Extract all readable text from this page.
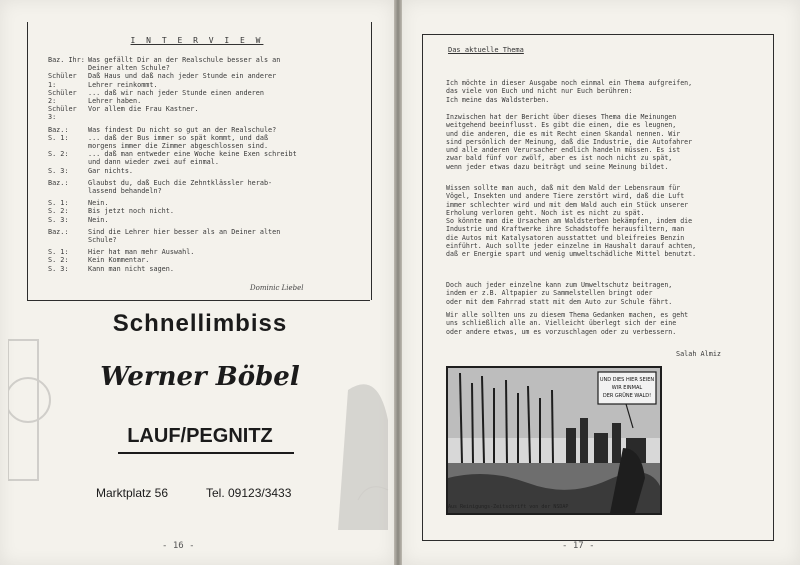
I N T E R V I E W
Baz. Ihr: Was gefällt Dir an der Realschule besser als an
Deiner alten Schule?
Schüler 1:
Daß Haus und daß nach jeder Stunde ein anderer
Lehrer reinkommt.
Schüler 2:
... daß wir nach jeder Stunde einen anderen
Lehrer haben.
Schüler 3:
Vor allem die Frau Kastner.
Baz.:	Was findest Du nicht so gut an der Realschule?
S. 1:	... daß der Bus immer so spät kommt, und daß
morgens immer die Zimmer abgeschlossen sind.
S. 2:	... daß man entweder eine Woche keine Exen schreibt
und dann wieder zwei auf einmal.
S. 3:	Gar nichts.
Baz.:	Glaubst du, daß Euch die Zehntklässler herab-
lassend behandeln?
S. 1:	Nein.
S. 2:	Bis jetzt noch nicht.
S. 3:	Nein.
Baz.:	Sind die Lehrer hier besser als an Deiner alten
Schule?
S. 1:	Hier hat man mehr Auswahl.
S. 2:	Kein Kommentar.
S. 3:	Kann man nicht sagen.
Dominic Liebel
Schnellimbiss
Werner Böbel
LAUF/PEGNITZ
Marktplatz 56	Tel. 09123/3433
- 16 -
Das aktuelle Thema
Ich möchte in dieser Ausgabe noch einmal ein Thema aufgreifen,
das viele von Euch und nicht nur Euch berühren:
Ich meine das Waldsterben.
Inzwischen hat der Bericht über dieses Thema die Meinungen
weitgehend beeinflusst. Es gibt die einen, die es leugnen,
und die anderen, die es mit Recht einen Skandal nennen. Wir
sind persönlich der Meinung, daß die Industrie, die Autofahrer
und alle anderen Verursacher endlich handeln müssen. Es ist
zwar bald fünf vor zwölf, aber es ist noch nicht zu spät,
wenn jeder etwas dazu beiträgt und seine Meinung bildet.
Wissen sollte man auch, daß mit dem Wald der Lebensraum für
Vögel, Insekten und andere Tiere zerstört wird, daß die Luft
immer schlechter wird und mit dem Wald auch ein Stück unserer
Erholung verloren geht. Noch ist es nicht zu spät.
So könnte man die Ursachen am Waldsterben bekämpfen, indem die
Industrie und Kraftwerke ihre Schadstoffe herausfiltern, man
die Autos mit Katalysatoren ausstattet und bleifreies Benzin
einführt. Auch sollte jeder einzelne im Haushalt darauf achten,
daß er Energie spart und wenig umweltschädliche Mittel benutzt.
Doch auch jeder einzelne kann zum Umweltschutz beitragen,
indem er z.B. Altpapier zu Sammelstellen bringt oder
oder mit dem Fahrrad statt mit dem Auto zur Schule fährt.
Wir alle sollten uns zu diesem Thema Gedanken machen, es geht
uns schließlich alle an. Vielleicht überlegt sich der eine
oder andere etwas, um es vorzuschlagen oder zu verbessern.
Salah Almiz
UND DIES HIER SEIEN
WIR EINMAL
DER GRÜNE WALD!
Aus Reinigungs-Zeitschrift von der NSDAP
- 17 -
